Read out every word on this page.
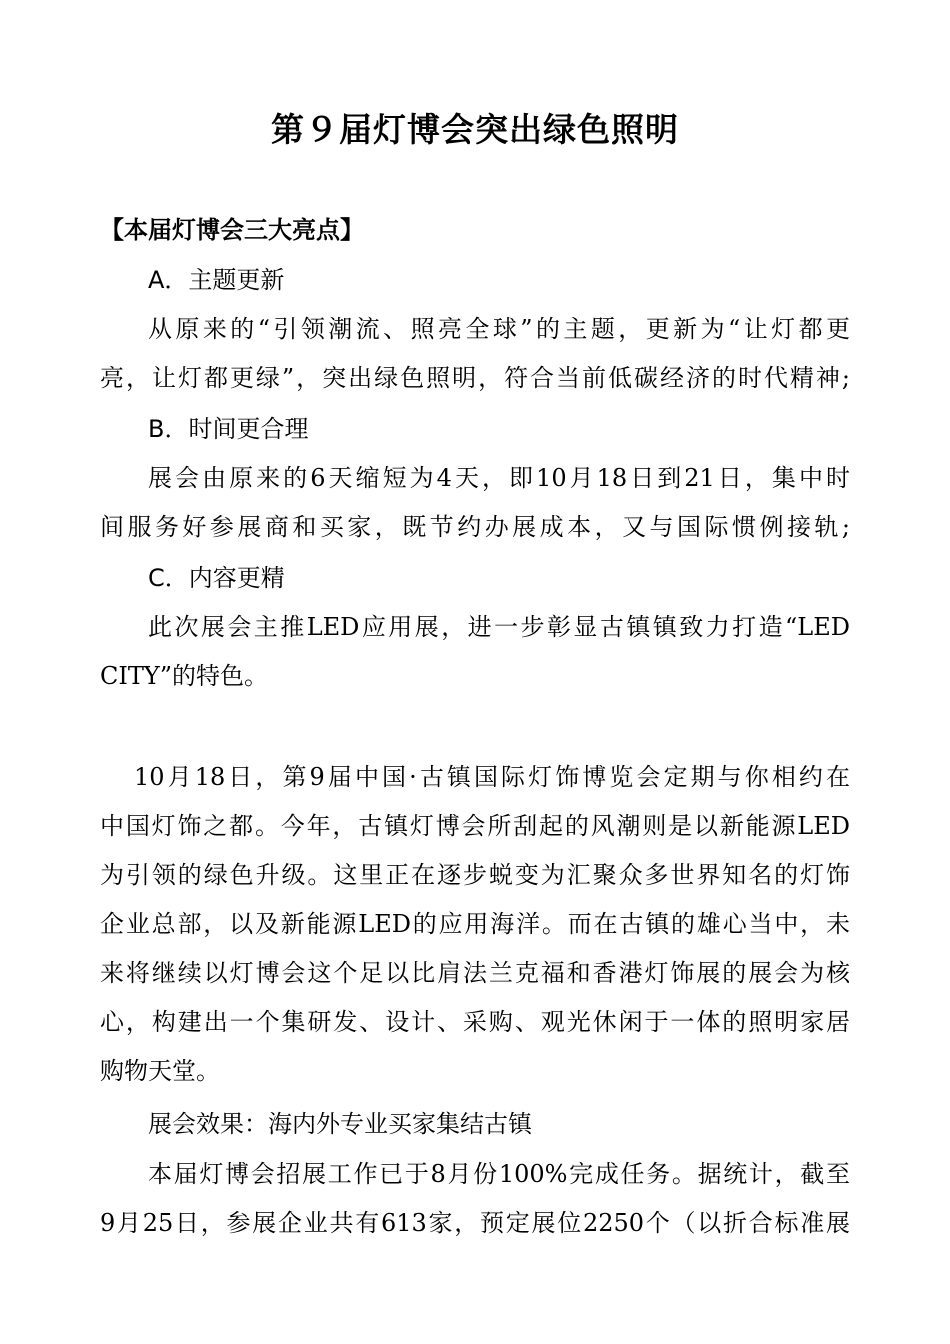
第９届灯博会突出绿色照明
【本届灯博会三大亮点】
A．主题更新
从原来的“引领潮流、照亮全球”的主题，更新为“让灯都更
亮，让灯都更绿”，突出绿色照明，符合当前低碳经济的时代精神;
B．时间更合理
展会由原来的6天缩短为4天，即10月18日到21日，集中时
间服务好参展商和买家，既节约办展成本，又与国际惯例接轨;
C．内容更精
此次展会主推LED应用展，进一步彰显古镇镇致力打造“LED
CITY”的特色。
10月18日，第9届中国·古镇国际灯饰博览会定期与你相约在
中国灯饰之都。今年，古镇灯博会所刮起的风潮则是以新能源LED
为引领的绿色升级。这里正在逐步蜕变为汇聚众多世界知名的灯饰
企业总部，以及新能源LED的应用海洋。而在古镇的雄心当中，未
来将继续以灯博会这个足以比肩法兰克福和香港灯饰展的展会为核
心，构建出一个集研发、设计、采购、观光休闲于一体的照明家居
购物天堂。
展会效果：海内外专业买家集结古镇
本届灯博会招展工作已于8月份100%完成任务。据统计，截至
9月25日，参展企业共有613家，预定展位2250个（以折合标准展
